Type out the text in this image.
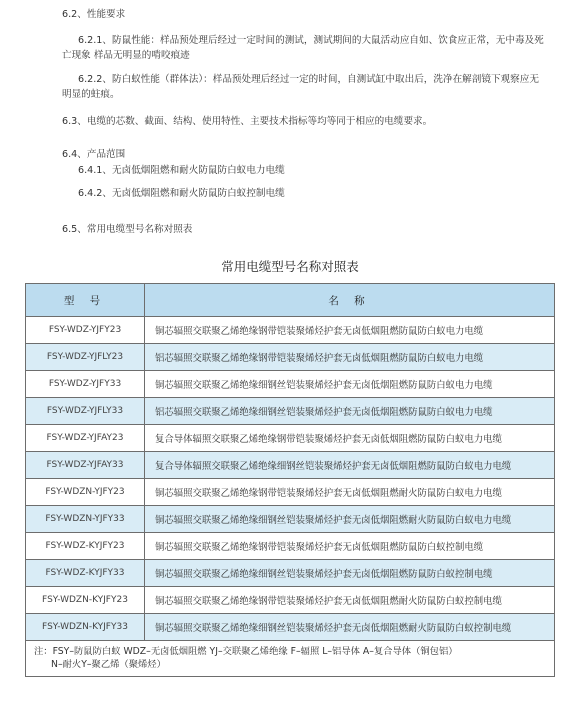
6.2、性能要求
6.2.1、防鼠性能：样品预处理后经过一定时间的测试，测试期间的大鼠活动应自如、饮食应正常，无中毒及死
亡现象 样品无明显的啃咬痕迹
6.2.2、防白蚁性能（群体法）：样品预处理后经过一定的时间，自测试缸中取出后，洗净在解剖镜下观察应无
明显的蛀痕。
6.3、电缆的芯数、截面、结构、使用特性、主要技术指标等均等同于相应的电缆要求。
6.4、产品范围
6.4.1、无卤低烟阻燃和耐火防鼠防白蚁电力电缆
6.4.2、无卤低烟阻燃和耐火防鼠防白蚁控制电缆
6.5、常用电缆型号名称对照表
常用电缆型号名称对照表
型 号	名 称
FSY-WDZ-YJFY23	铜芯辐照交联聚乙烯绝缘钢带铠装聚烯烃护套无卤低烟阻燃防鼠防白蚁电力电缆
FSY-WDZ-YJFLY23	铝芯辐照交联聚乙烯绝缘钢带铠装聚烯烃护套无卤低烟阻燃防鼠防白蚁电力电缆
FSY-WDZ-YJFY33	铜芯辐照交联聚乙烯绝缘细钢丝铠装聚烯烃护套无卤低烟阻燃防鼠防白蚁电力电缆
FSY-WDZ-YJFLY33	铝芯辐照交联聚乙烯绝缘细钢丝铠装聚烯烃护套无卤低烟阻燃防鼠防白蚁电力电缆
FSY-WDZ-YJFAY23	复合导体辐照交联聚乙烯绝缘钢带铠装聚烯烃护套无卤低烟阻燃防鼠防白蚁电力电缆
FSY-WDZ-YJFAY33	复合导体辐照交联聚乙烯绝缘细钢丝铠装聚烯烃护套无卤低烟阻燃防鼠防白蚁电力电缆
FSY-WDZN-YJFY23	铜芯辐照交联聚乙烯绝缘钢带铠装聚烯烃护套无卤低烟阻燃耐火防鼠防白蚁电力电缆
FSY-WDZN-YJFY33	铜芯辐照交联聚乙烯绝缘细钢丝铠装聚烯烃护套无卤低烟阻燃耐火防鼠防白蚁电力电缆
FSY-WDZ-KYJFY23	铜芯辐照交联聚乙烯绝缘钢带铠装聚烯烃护套无卤低烟阻燃防鼠防白蚁控制电缆
FSY-WDZ-KYJFY33	铜芯辐照交联聚乙烯绝缘细钢丝铠装聚烯烃护套无卤低烟阻燃防鼠防白蚁控制电缆
FSY-WDZN-KYJFY23	铜芯辐照交联聚乙烯绝缘钢带铠装聚烯烃护套无卤低烟阻燃耐火防鼠防白蚁控制电缆
FSY-WDZN-KYJFY33	铜芯辐照交联聚乙烯绝缘细钢丝铠装聚烯烃护套无卤低烟阻燃耐火防鼠防白蚁控制电缆

注：FSY–防鼠防白蚁 WDZ–无卤低烟阻燃 YJ–交联聚乙烯绝缘 F–辐照 L–铝导体 A–复合导体（铜包铝）
N–耐火Y–聚乙烯（聚烯烃）	
